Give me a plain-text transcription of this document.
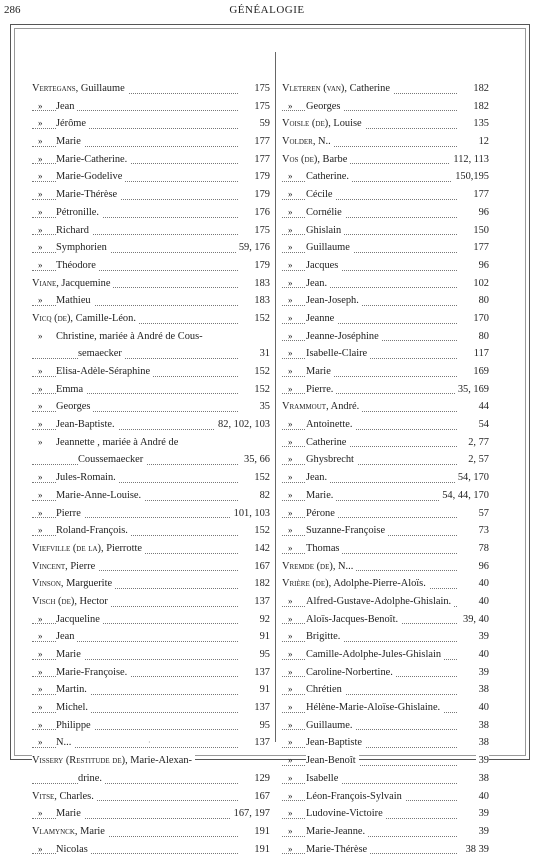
286	GÉNÉALOGIE
Vertegans, Guillaume	175
» Jean	175
» Jérôme	59
» Marie	177
» Marie-Catherine.	177
» Marie-Godelive	179
» Marie-Thérèse	179
» Pétronille.	176
» Richard	175
» Symphorien	59, 176
» Théodore	179
Viane, Jacquemine	183
» Mathieu	183
Vicq (de), Camille-Léon.	152
» Christine, mariée à André de Cous-
semaecker	31
» Elisa-Adèle-Séraphine	152
» Emma	152
» Georges	35
» Jean-Baptiste.	82, 102, 103
» Jeannette , mariée à André de
Coussemaecker	35, 66
» Jules-Romain.	152
» Marie-Anne-Louise.	82
» Pierre	101, 103
» Roland-François.	152
Viefville (de la), Pierrotte	142
Vincent, Pierre	167
Vinson, Marguerite	182
Visch (de), Hector	137
» Jacqueline	92
» Jean	91
» Marie	95
» Marie-Françoise.	137
» Martin.	91
» Michel.	137
» Philippe	95
» N...	137
Vissery (Restitude de), Marie-Alexan-
drine.	129
Vitse, Charles.	167
» Marie	167, 197
Vlamynck, Marie	191
» Nicolas	191
Vleteren (van), Catherine	182
» Georges	182
Voisle (de), Louise	135
Volder, N..	12
Vos (de), Barbe	112, 113
» Catherine.	150,195
» Cécile	177
» Cornélie	96
» Ghislain	150
» Guillaume	177
» Jacques	96
» Jean.	102
» Jean-Joseph.	80
» Jeanne	170
» Jeanne-Joséphine	80
» Isabelle-Claire	117
» Marie	169
» Pierre.	35, 169
Vrammout, André.	44
» Antoinette.	54
» Catherine	2, 77
» Ghysbrecht	2, 57
» Jean.	54, 170
» Marie.	54, 44, 170
» Pérone	57
» Suzanne-Françoise	73
» Thomas	78
Vremde (de), N...	96
Vrière (de), Adolphe-Pierre-Aloïs.	40
» Alfred-Gustave-Adolphe-Ghislain.	40
» Aloïs-Jacques-Benoît.	39, 40
» Brigitte.	39
» Camille-Adolphe-Jules-Ghislain	40
» Caroline-Norbertine.	39
» Chrétien	38
» Hélène-Marie-Aloïse-Ghislaine.	40
» Guillaume.	38
» Jean-Baptiste	38
» Jean-Benoît	39
» Isabelle	38
» Léon-François-Sylvain	40
» Ludovine-Victoire	39
» Marie-Jeanne.	39
» Marie-Thérèse	38 39
·
